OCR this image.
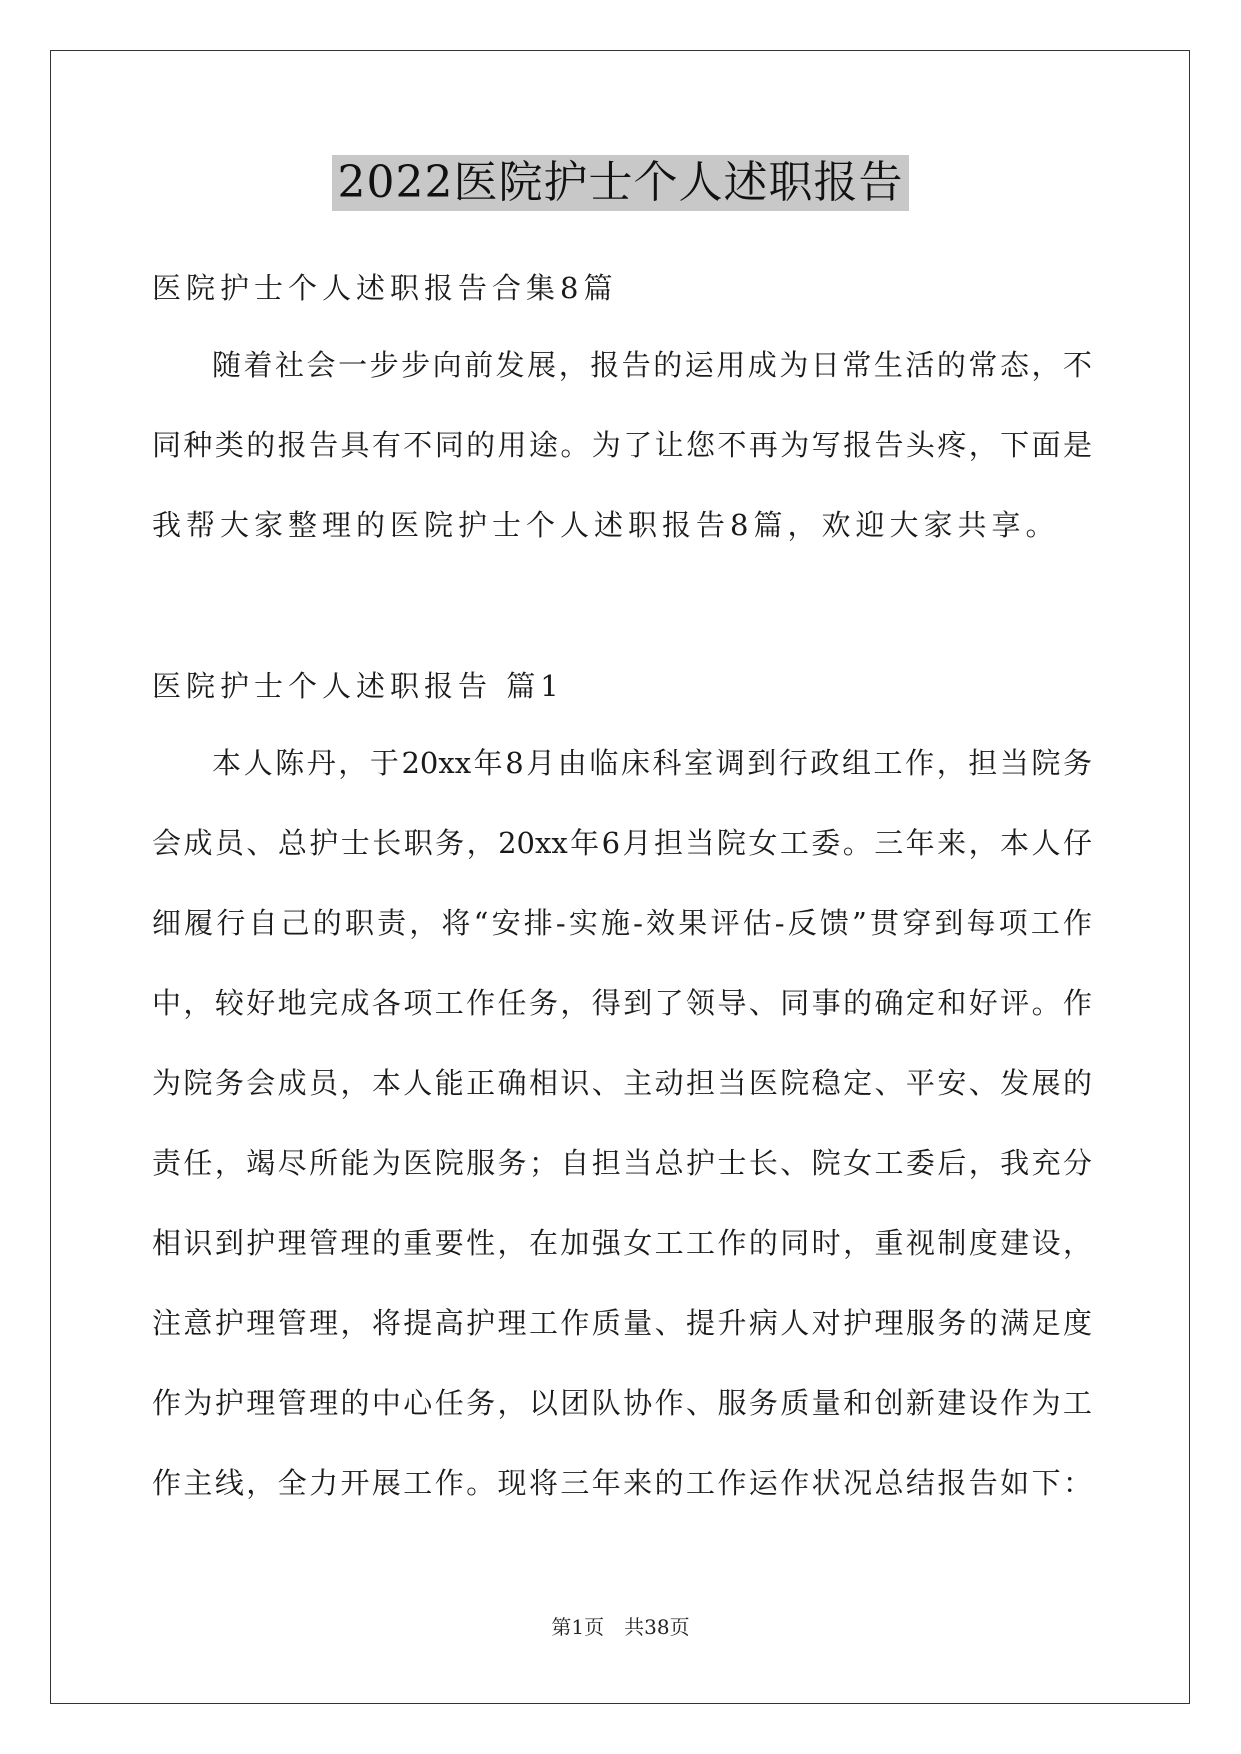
2022医院护士个人述职报告
医院护士个人述职报告合集8篇
随着社会一步步向前发展，报告的运用成为日常生活的常态，不
同种类的报告具有不同的用途。为了让您不再为写报告头疼，下面是
我帮大家整理的医院护士个人述职报告8篇，欢迎大家共享。
医院护士个人述职报告 篇1
本人陈丹，于20xx年8月由临床科室调到行政组工作，担当院务
会成员、总护士长职务，20xx年6月担当院女工委。三年来，本人仔
细履行自己的职责，将“安排-实施-效果评估-反馈”贯穿到每项工作
中，较好地完成各项工作任务，得到了领导、同事的确定和好评。作
为院务会成员，本人能正确相识、主动担当医院稳定、平安、发展的
责任，竭尽所能为医院服务；自担当总护士长、院女工委后，我充分
相识到护理管理的重要性，在加强女工工作的同时，重视制度建设，
注意护理管理，将提高护理工作质量、提升病人对护理服务的满足度
作为护理管理的中心任务，以团队协作、服务质量和创新建设作为工
作主线，全力开展工作。现将三年来的工作运作状况总结报告如下：
第1页 共38页
